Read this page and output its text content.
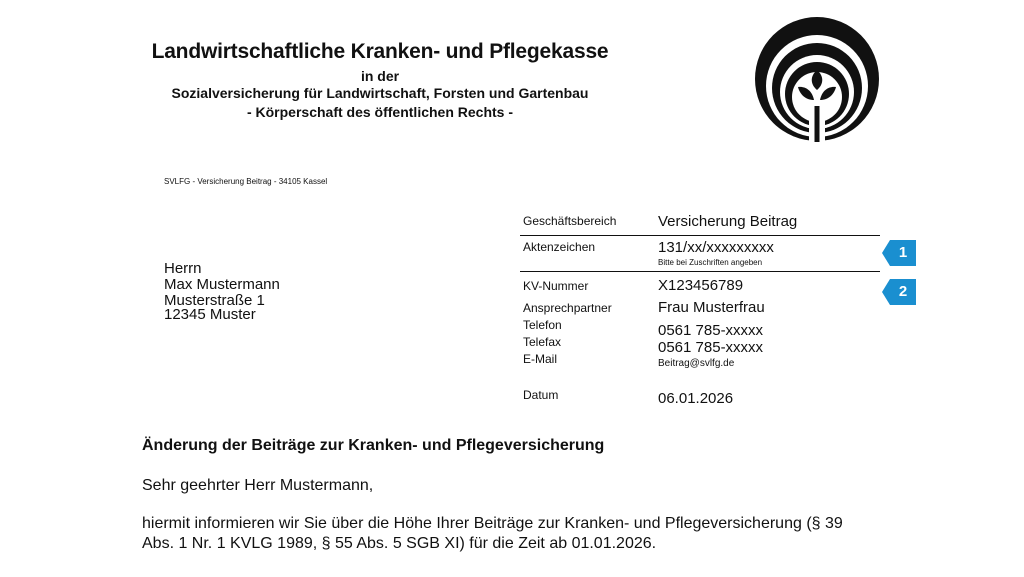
Landwirtschaftliche Kranken- und Pflegekasse
in der
Sozialversicherung für Landwirtschaft, Forsten und Gartenbau
- Körperschaft des öffentlichen Rechts -
SVLFG - Versicherung Beitrag - 34105 Kassel
Herrn
Max Mustermann
Musterstraße 1
12345 Muster
Geschäftsbereich	Versicherung Beitrag
Aktenzeichen	131/xx/xxxxxxxxx
Bitte bei Zuschriften angeben
KV-Nummer	X123456789
Ansprechpartner	Frau Musterfrau
Telefon	0561 785-xxxxx
Telefax	0561 785-xxxxx
E-Mail	Beitrag@svlfg.de
Datum	06.01.2026
1
2
Änderung der Beiträge zur Kranken- und Pflegeversicherung
Sehr geehrter Herr Mustermann,
hiermit informieren wir Sie über die Höhe Ihrer Beiträge zur Kranken- und Pflegeversicherung (§ 39
Abs. 1 Nr. 1 KVLG 1989, § 55 Abs. 5 SGB XI) für die Zeit ab 01.01.2026.
